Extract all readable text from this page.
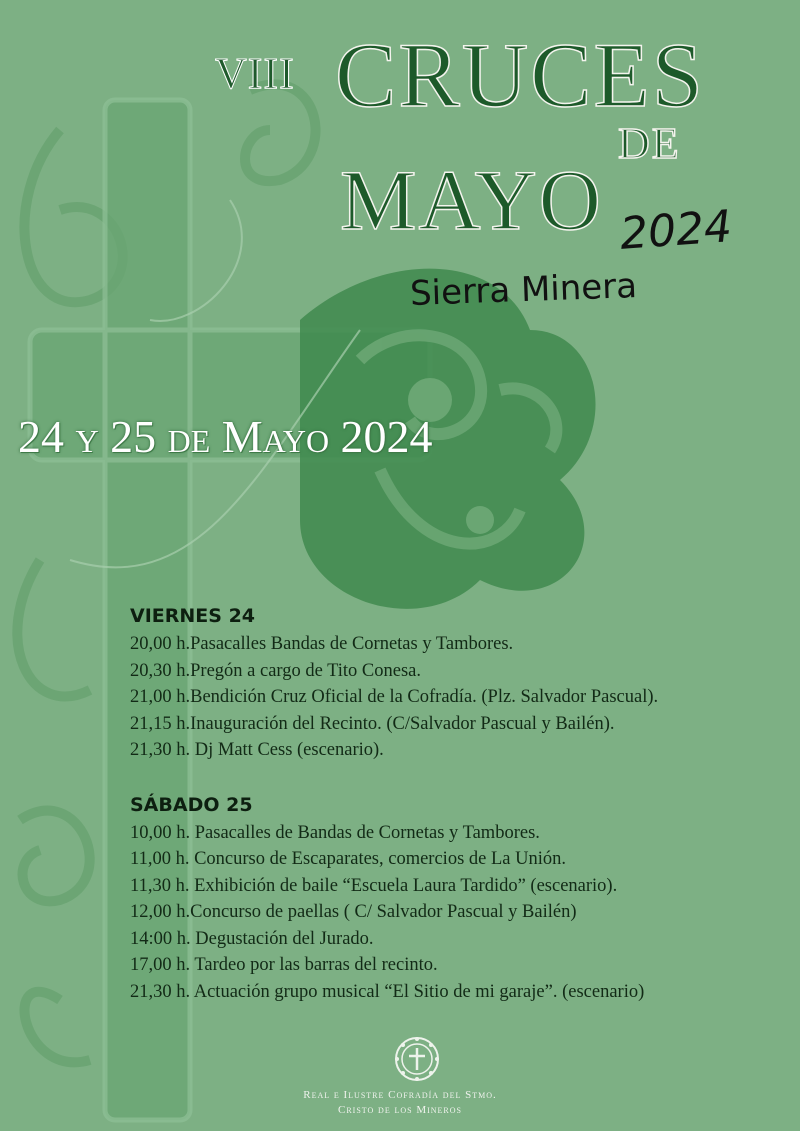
VIII CRUCES
DE
MAYO 2024
Sierra Minera
24 y 25 de Mayo 2024
VIERNES 24
20,00 h.Pasacalles Bandas de Cornetas y Tambores.
20,30 h.Pregón a cargo de Tito Conesa.
21,00 h.Bendición Cruz Oficial de la Cofradía. (Plz. Salvador Pascual).
21,15 h.Inauguración del Recinto. (C/Salvador Pascual y Bailén).
21,30 h. Dj Matt Cess (escenario).
SÁBADO 25
10,00 h. Pasacalles de Bandas de Cornetas y Tambores.
11,00 h. Concurso de Escaparates, comercios de La Unión.
11,30 h. Exhibición de baile “Escuela Laura Tardido” (escenario).
12,00 h.Concurso de paellas ( C/ Salvador Pascual y Bailén)
14:00 h. Degustación del Jurado.
17,00 h. Tardeo por las barras del recinto.
21,30 h. Actuación grupo musical “El Sitio de mi garaje”. (escenario)
Real e Ilustre Cofradía del Stmo.
Cristo de los Mineros
